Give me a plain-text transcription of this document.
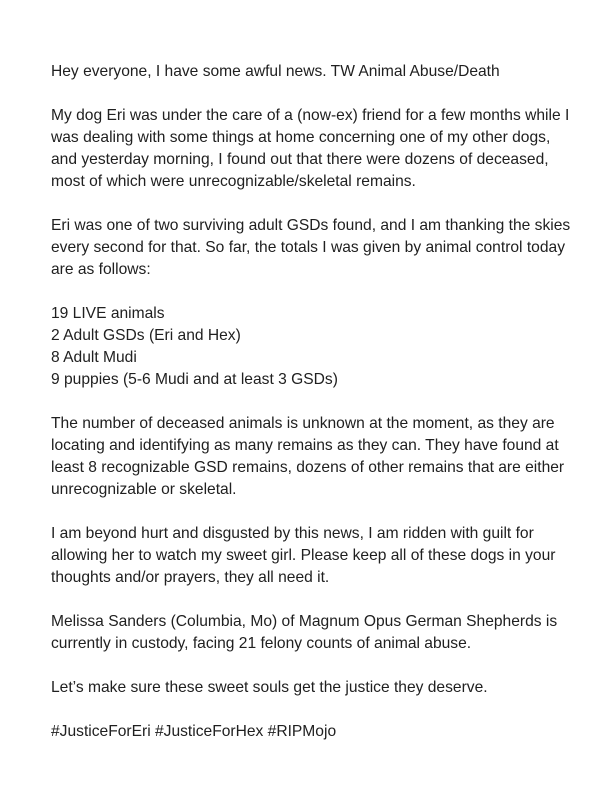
Hey everyone, I have some awful news. TW Animal Abuse/Death

My dog Eri was under the care of a (now-ex) friend for a few months while I was dealing with some things at home concerning one of my other dogs, and yesterday morning, I found out that there were dozens of deceased, most of which were unrecognizable/skeletal remains.

Eri was one of two surviving adult GSDs found, and I am thanking the skies every second for that. So far, the totals I was given by animal control today are as follows:

19 LIVE animals
2 Adult GSDs (Eri and Hex)
8 Adult Mudi
9 puppies (5-6 Mudi and at least 3 GSDs)

The number of deceased animals is unknown at the moment, as they are locating and identifying as many remains as they can. They have found at least 8 recognizable GSD remains, dozens of other remains that are either unrecognizable or skeletal.

I am beyond hurt and disgusted by this news, I am ridden with guilt for allowing her to watch my sweet girl. Please keep all of these dogs in your thoughts and/or prayers, they all need it.

Melissa Sanders (Columbia, Mo) of Magnum Opus German Shepherds is currently in custody, facing 21 felony counts of animal abuse.

Let’s make sure these sweet souls get the justice they deserve.

#JusticeForEri #JusticeForHex #RIPMojo
